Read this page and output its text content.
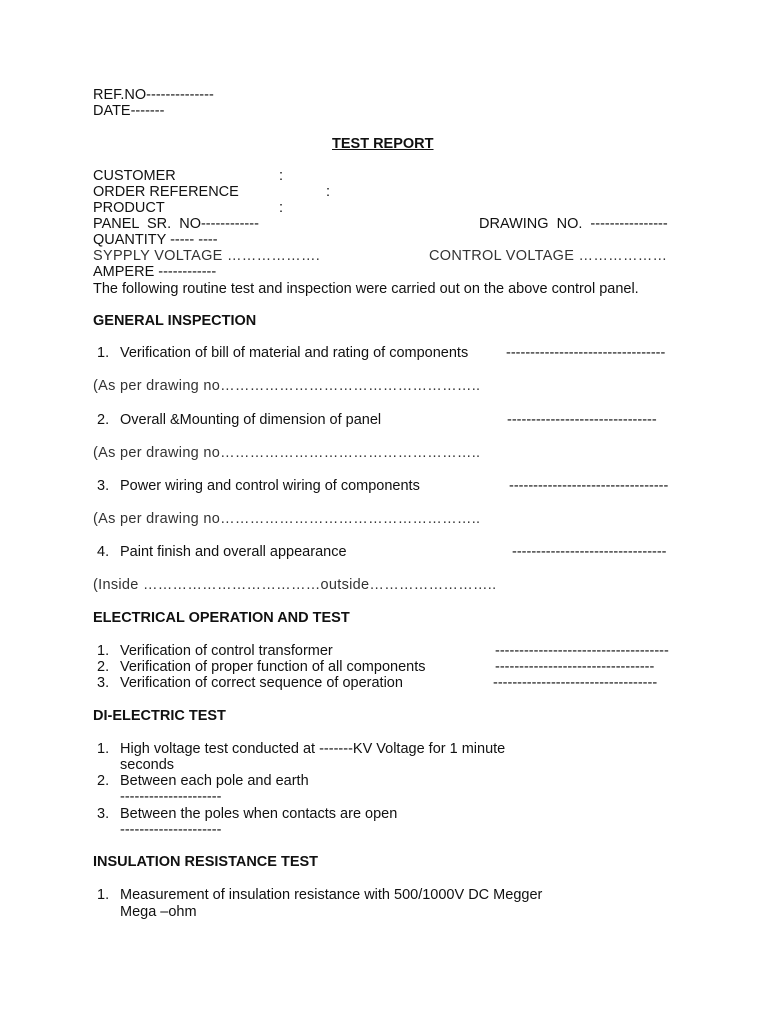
REF.NO--------------
DATE-------
TEST REPORT
CUSTOMER	:
ORDER REFERENCE	:
PRODUCT	:
PANEL  SR.  NO------------	DRAWING  NO.  ----------------
QUANTITY ----- ----
SYPPLY VOLTAGE ……………….	CONTROL VOLTAGE ………………
AMPERE ------------
The following routine test and inspection were carried out on the above control panel.
GENERAL INSPECTION
1. Verification of bill of material and rating of components	---------------------------------
(As per drawing no……………………………………………..
2. Overall &Mounting of dimension of panel	-------------------------------
(As per drawing no……………………………………………..
3. Power wiring and control wiring of components	---------------------------------
(As per drawing no……………………………………………..
4. Paint finish and overall appearance	--------------------------------
(Inside ………………………………outside……………………..
ELECTRICAL OPERATION AND TEST
1. Verification of control transformer	------------------------------------
2. Verification of proper function of all components	---------------------------------
3. Verification of correct sequence of operation	----------------------------------
DI-ELECTRIC TEST
1. High voltage test conducted at -------KV Voltage for 1 minute
seconds
2. Between each pole and earth
---------------------
3. Between the poles when contacts are open
---------------------
INSULATION RESISTANCE TEST
1. Measurement of insulation resistance with 500/1000V DC Megger
Mega –ohm
